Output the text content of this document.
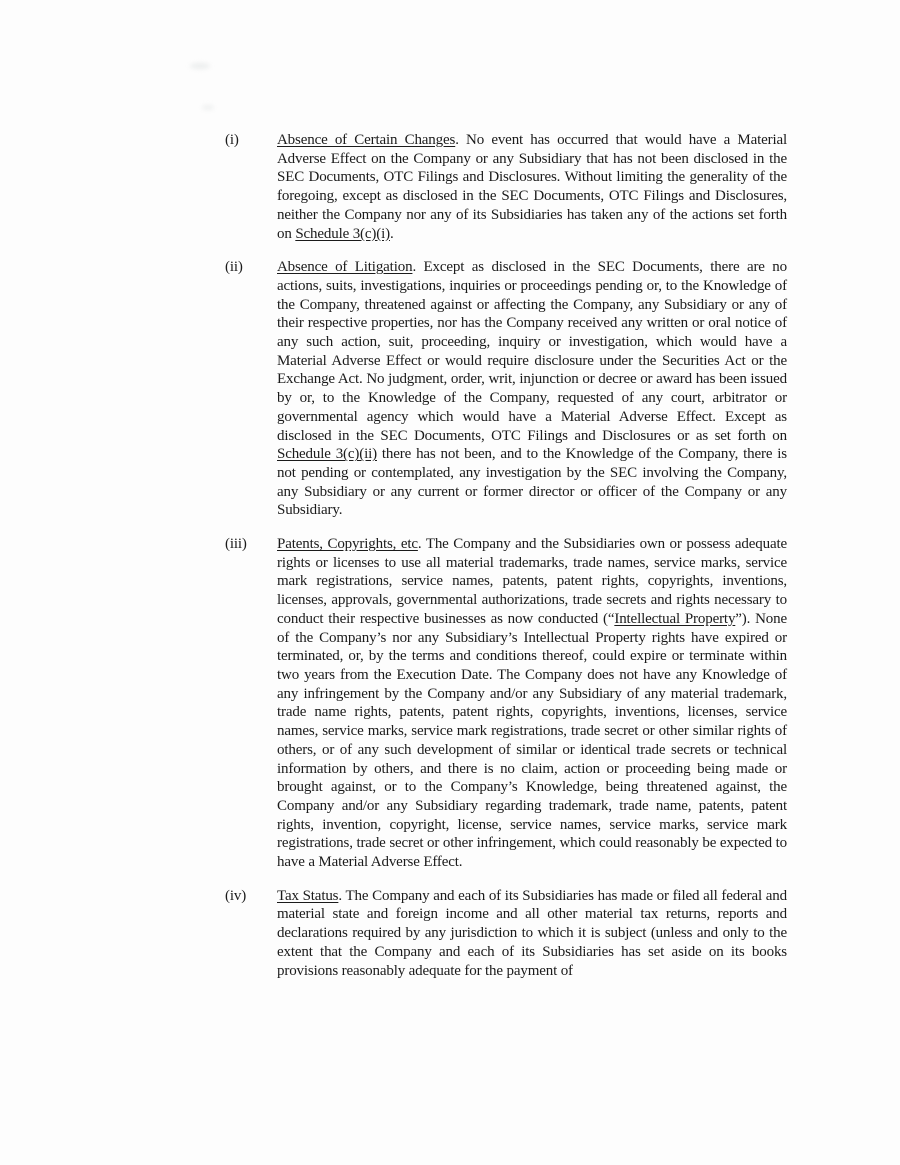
(i)	Absence of Certain Changes. No event has occurred that would have a Material Adverse Effect on the Company or any Subsidiary that has not been disclosed in the SEC Documents, OTC Filings and Disclosures. Without limiting the generality of the foregoing, except as disclosed in the SEC Documents, OTC Filings and Disclosures, neither the Company nor any of its Subsidiaries has taken any of the actions set forth on Schedule 3(c)(i).
(ii)	Absence of Litigation. Except as disclosed in the SEC Documents, there are no actions, suits, investigations, inquiries or proceedings pending or, to the Knowledge of the Company, threatened against or affecting the Company, any Subsidiary or any of their respective properties, nor has the Company received any written or oral notice of any such action, suit, proceeding, inquiry or investigation, which would have a Material Adverse Effect or would require disclosure under the Securities Act or the Exchange Act. No judgment, order, writ, injunction or decree or award has been issued by or, to the Knowledge of the Company, requested of any court, arbitrator or governmental agency which would have a Material Adverse Effect. Except as disclosed in the SEC Documents, OTC Filings and Disclosures or as set forth on Schedule 3(c)(ii) there has not been, and to the Knowledge of the Company, there is not pending or contemplated, any investigation by the SEC involving the Company, any Subsidiary or any current or former director or officer of the Company or any Subsidiary.
(iii)	Patents, Copyrights, etc. The Company and the Subsidiaries own or possess adequate rights or licenses to use all material trademarks, trade names, service marks, service mark registrations, service names, patents, patent rights, copyrights, inventions, licenses, approvals, governmental authorizations, trade secrets and rights necessary to conduct their respective businesses as now conducted (“Intellectual Property”). None of the Company’s nor any Subsidiary’s Intellectual Property rights have expired or terminated, or, by the terms and conditions thereof, could expire or terminate within two years from the Execution Date. The Company does not have any Knowledge of any infringement by the Company and/or any Subsidiary of any material trademark, trade name rights, patents, patent rights, copyrights, inventions, licenses, service names, service marks, service mark registrations, trade secret or other similar rights of others, or of any such development of similar or identical trade secrets or technical information by others, and there is no claim, action or proceeding being made or brought against, or to the Company’s Knowledge, being threatened against, the Company and/or any Subsidiary regarding trademark, trade name, patents, patent rights, invention, copyright, license, service names, service marks, service mark registrations, trade secret or other infringement, which could reasonably be expected to have a Material Adverse Effect.
(iv)	Tax Status. The Company and each of its Subsidiaries has made or filed all federal and material state and foreign income and all other material tax returns, reports and declarations required by any jurisdiction to which it is subject (unless and only to the extent that the Company and each of its Subsidiaries has set aside on its books provisions reasonably adequate for the payment of
